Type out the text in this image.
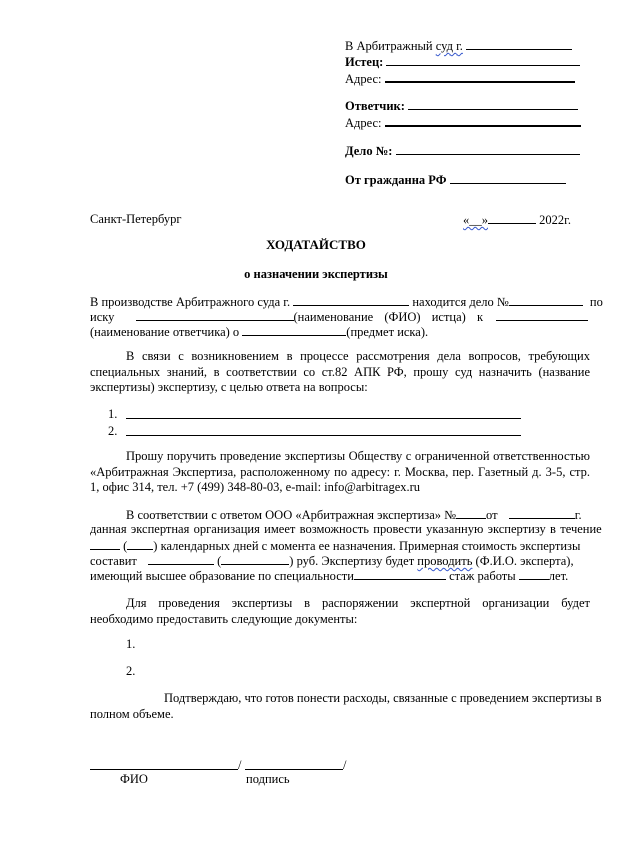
В Арбитражный суд г.
Истец:
Адрес:
Ответчик:
Адрес:
Дело №:
От гражданна РФ
Санкт-Петербург	«__»	2022г.
ХОДАТАЙСТВО
о назначении экспертизы
В производстве Арбитражного суда г.	находится дело №	по
иску	(наименование (ФИО) истца) к
(наименование ответчика) о	(предмет иска).
В связи с возникновением в процессе рассмотрения дела вопросов, требующих специальных знаний, в соответствии со ст.82 АПК РФ, прошу суд назначить (название экспертизы) экспертизу, с целью ответа на вопросы:
1.
2.
Прошу поручить проведение экспертизы Обществу с ограниченной ответственностью «Арбитражная Экспертиза, расположенному по адресу: г. Москва, пер. Газетный д. 3-5, стр. 1, офис 314, тел. +7 (499) 348-80-03, e-mail: info@arbitragex.ru
В соответствии с ответом ООО «Арбитражная экспертиза» № от	г.
данная экспертная организация имеет возможность провести указанную экспертизу в течение
( ) календарных дней с момента ее назначения. Примерная стоимость экспертизы
составит	(	) руб. Экспертизу будет проводить (Ф.И.О. эксперта),
имеющий высшее образование по специальности	стаж работы	лет.
Для проведения экспертизы в распоряжении экспертной организации будет необходимо предоставить следующие документы:
1.
2.
Подтверждаю, что готов понести расходы, связанные с проведением экспертизы в
полном объеме.
/	/
ФИО	подпись
